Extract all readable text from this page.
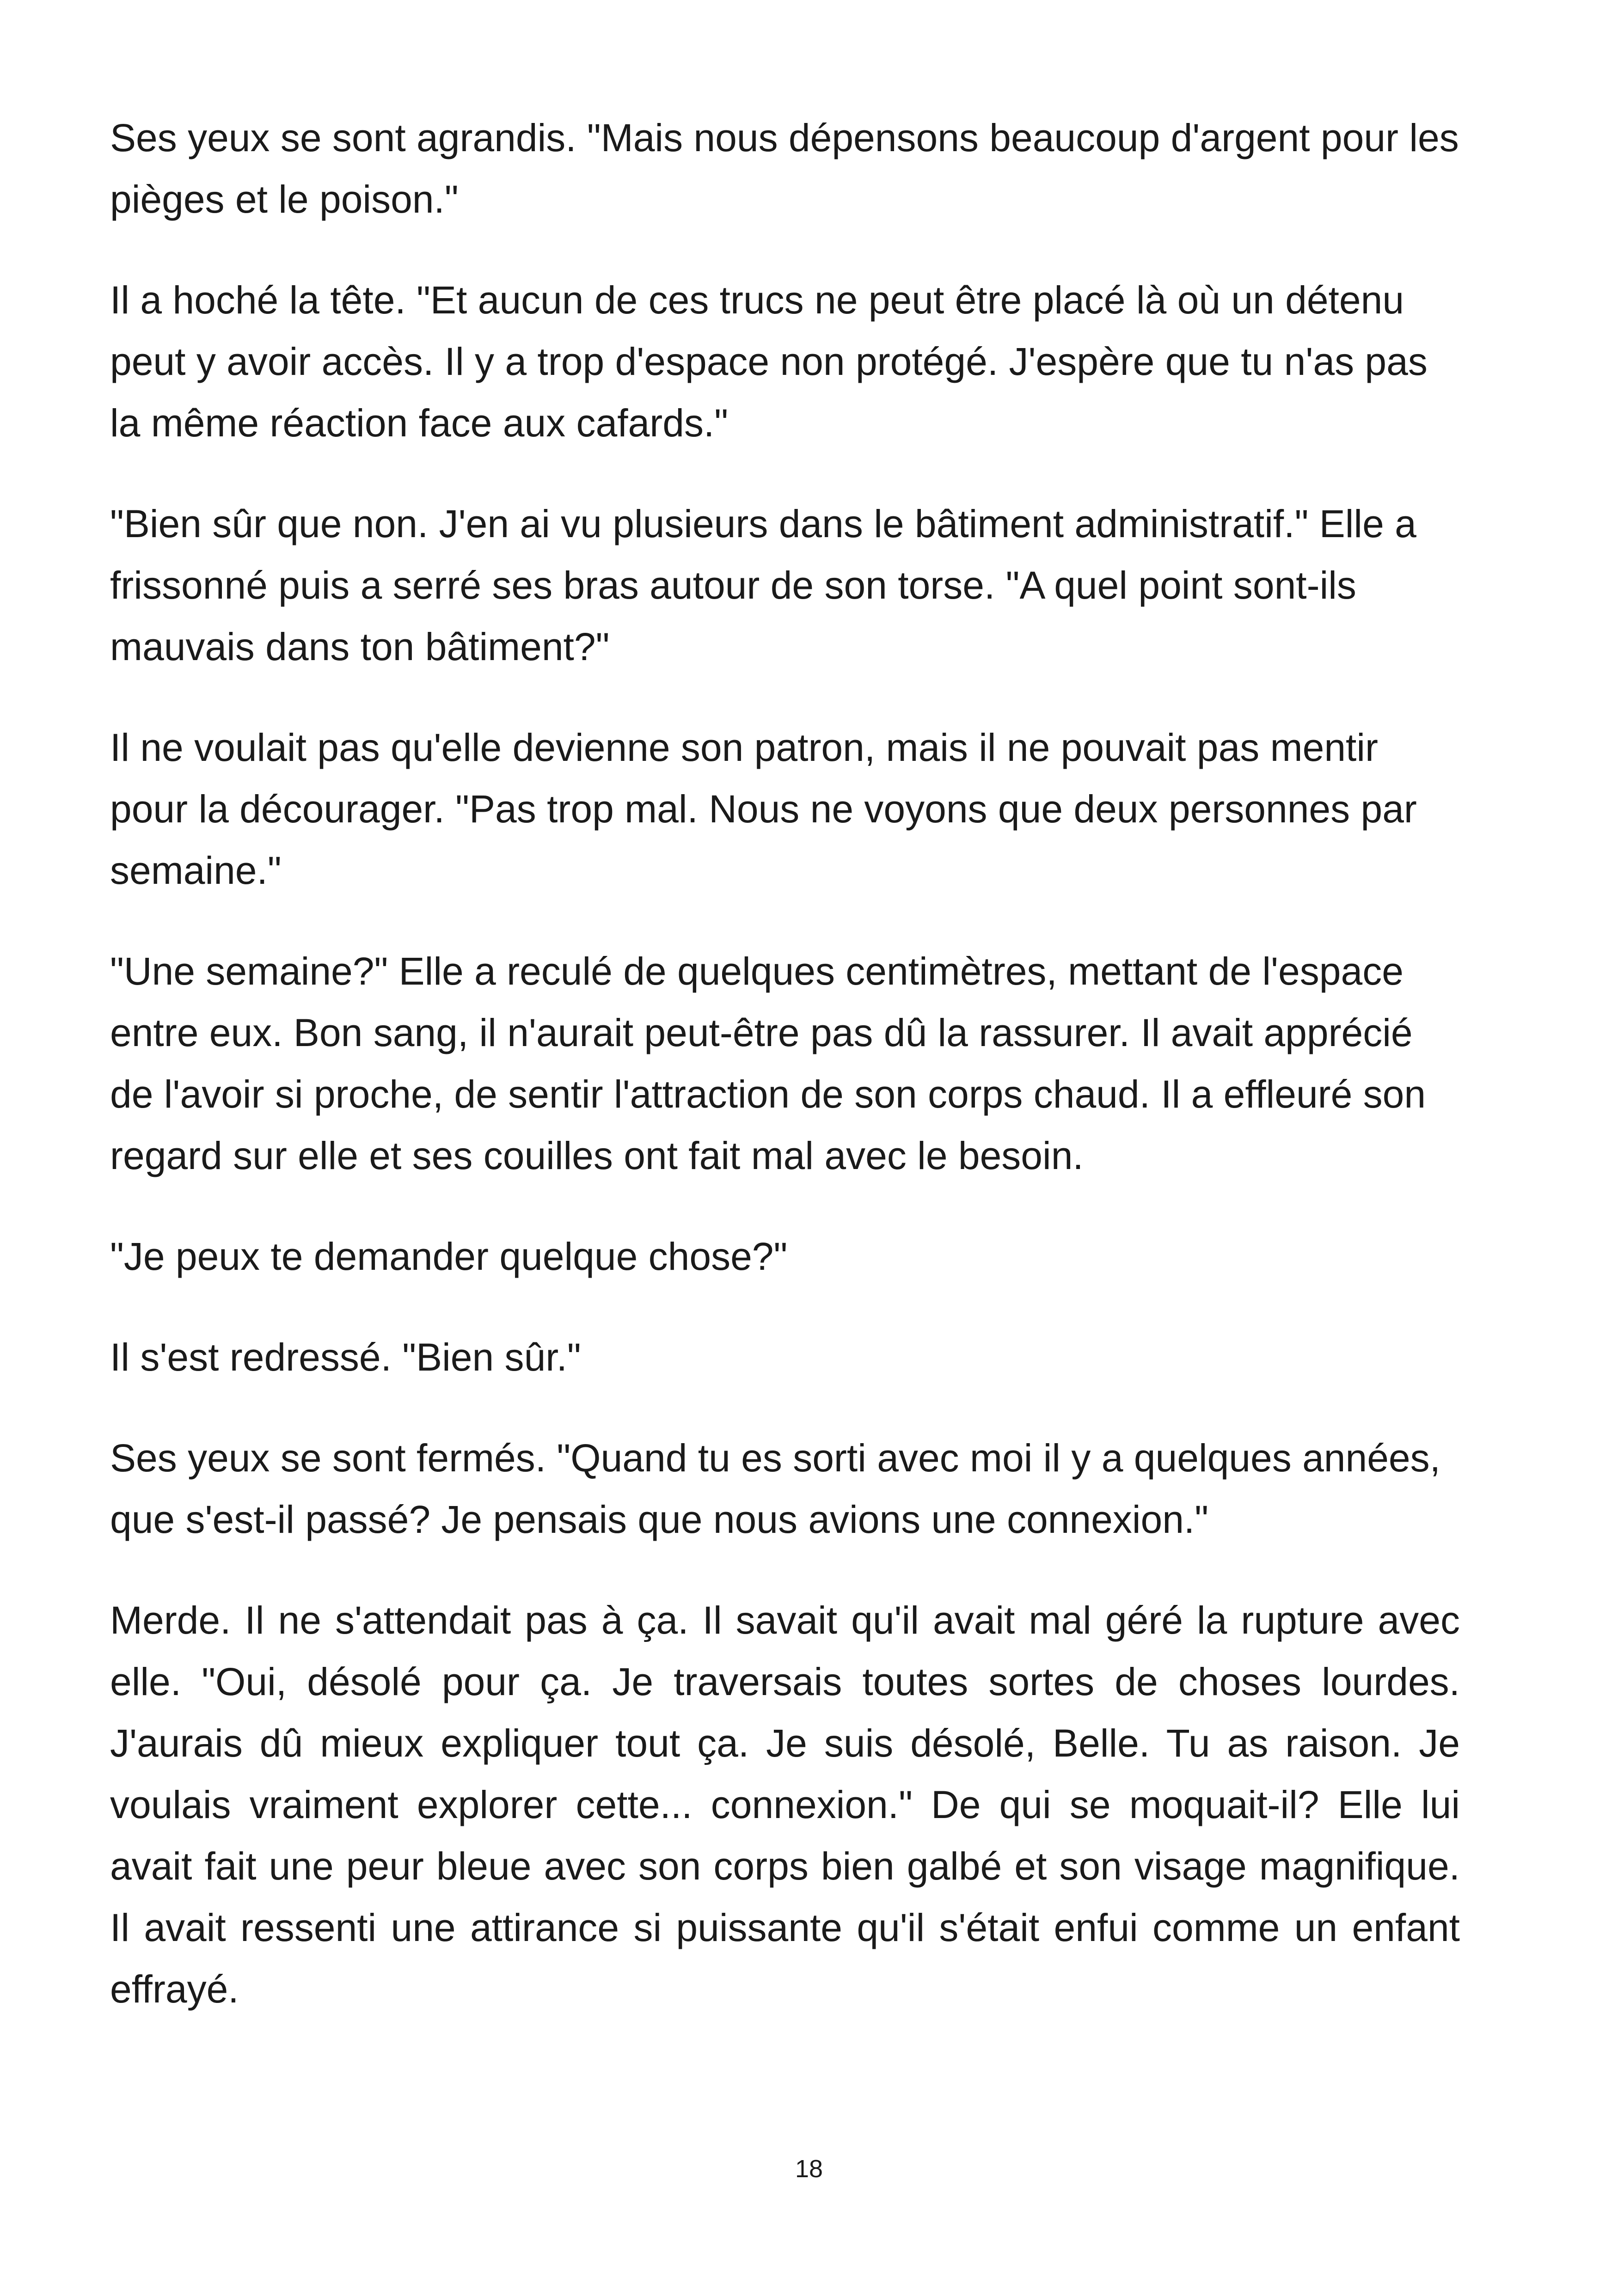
Ses yeux se sont agrandis. "Mais nous dépensons beaucoup d'argent pour les pièges et le poison."

Il a hoché la tête. "Et aucun de ces trucs ne peut être placé là où un détenu peut y avoir accès. Il y a trop d'espace non protégé. J'espère que tu n'as pas la même réaction face aux cafards."

"Bien sûr que non. J'en ai vu plusieurs dans le bâtiment administratif." Elle a frissonné puis a serré ses bras autour de son torse. "A quel point sont-ils mauvais dans ton bâtiment?"

Il ne voulait pas qu'elle devienne son patron, mais il ne pouvait pas mentir pour la décourager. "Pas trop mal. Nous ne voyons que deux personnes par semaine."

"Une semaine?" Elle a reculé de quelques centimètres, mettant de l'espace entre eux. Bon sang, il n'aurait peut-être pas dû la rassurer. Il avait apprécié de l'avoir si proche, de sentir l'attraction de son corps chaud. Il a effleuré son regard sur elle et ses couilles ont fait mal avec le besoin.

"Je peux te demander quelque chose?"

Il s'est redressé. "Bien sûr."

Ses yeux se sont fermés. "Quand tu es sorti avec moi il y a quelques années, que s'est-il passé? Je pensais que nous avions une connexion."

Merde. Il ne s'attendait pas à ça. Il savait qu'il avait mal géré la rupture avec elle. "Oui, désolé pour ça. Je traversais toutes sortes de choses lourdes. J'aurais dû mieux expliquer tout ça. Je suis désolé, Belle. Tu as raison. Je voulais vraiment explorer cette... connexion." De qui se moquait-il? Elle lui avait fait une peur bleue avec son corps bien galbé et son visage magnifique. Il avait ressenti une attirance si puissante qu'il s'était enfui comme un enfant effrayé.

18
